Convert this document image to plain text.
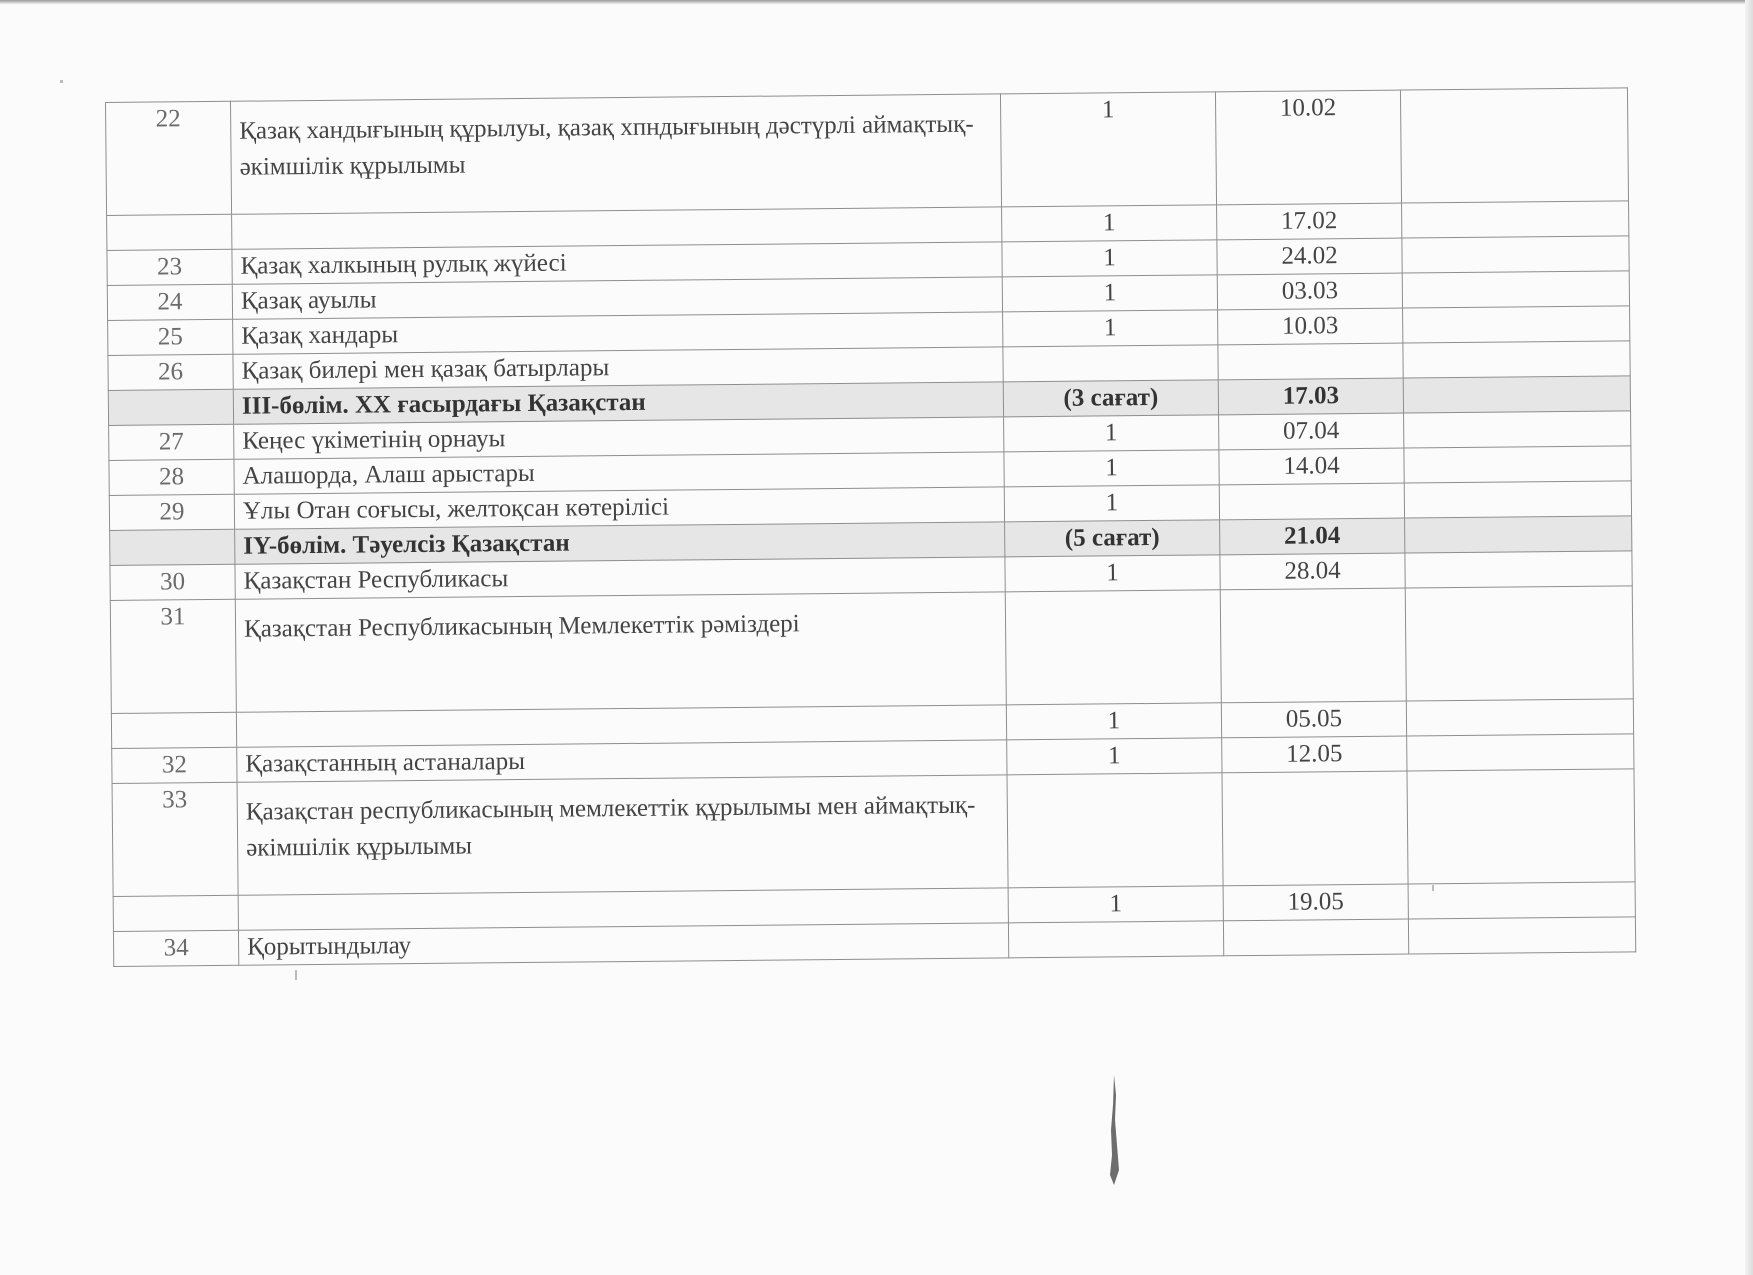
22	Қазақ хандығының құрылуы, қазақ хпндығының дәстүрлі аймақтық-әкімшілік құрылымы	1	10.02	
		1	17.02	
23	Қазақ халкының рулық жүйесі	1	24.02	
24	Қазақ ауылы	1	03.03	
25	Қазақ хандары	1	10.03	
26	Қазақ билері мен қазақ батырлары			
	III-бөлім. ХХ ғасырдағы Қазақстан	(3 сағат)	17.03	
27	Кеңес үкіметінің орнауы	1	07.04	
28	Алашорда, Алаш арыстары	1	14.04	
29	Ұлы Отан соғысы, желтоқсан көтерілісі	1		
	IY-бөлім. Тәуелсіз Қазақстан	(5 сағат)	21.04	
30	Қазақстан Республикасы	1	28.04	
31	Қазақстан Республикасының Мемлекеттік рәміздері			
		1	05.05	
32	Қазақстанның астаналары	1	12.05	
33	Қазақстан республикасының мемлекеттік құрылымы мен аймақтық-әкімшілік құрылымы			
		1	19.05	
34	Қорытындылау			
